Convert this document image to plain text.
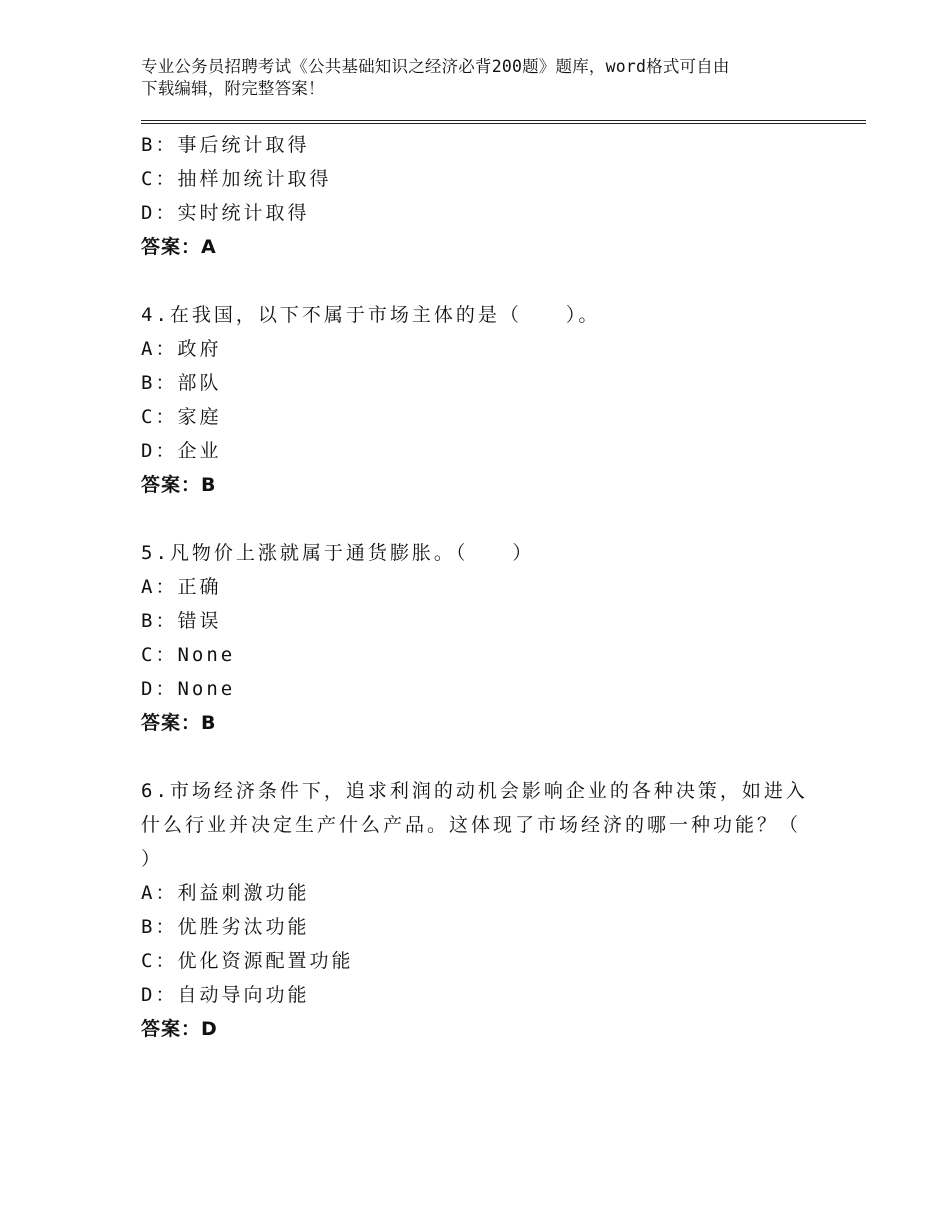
专业公务员招聘考试《公共基础知识之经济必背200题》题库，word格式可自由
下载编辑，附完整答案！
B：事后统计取得
C：抽样加统计取得
D：实时统计取得
答案：A
4.在我国，以下不属于市场主体的是（　　）。
A：政府
B：部队
C：家庭
D：企业
答案：B
5.凡物价上涨就属于通货膨胀。（　　）
A：正确
B：错误
C：None
D：None
答案：B
6.市场经济条件下，追求利润的动机会影响企业的各种决策，如进入
什么行业并决定生产什么产品。这体现了市场经济的哪一种功能？（
）
A：利益刺激功能
B：优胜劣汰功能
C：优化资源配置功能
D：自动导向功能
答案：D
